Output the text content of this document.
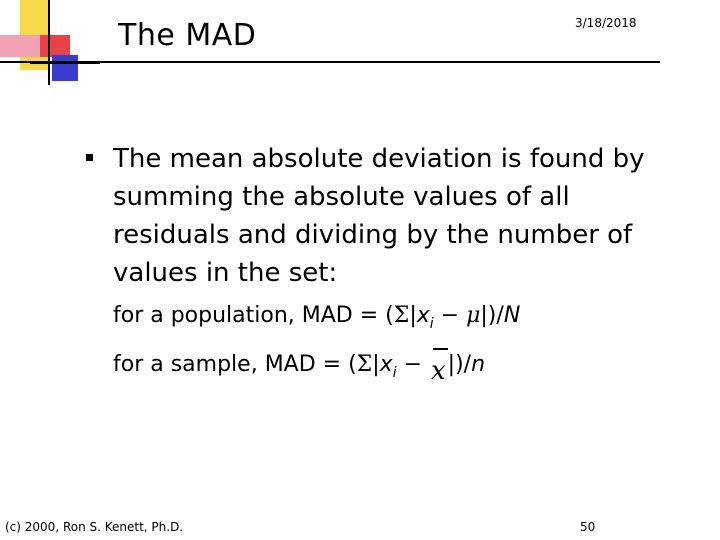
The MAD	3/18/2018
The mean absolute deviation is found by summing the absolute values of all residuals and dividing by the number of values in the set:
for a population, MAD = $(\Sigma|x_i - \mu|)/N$
for a sample, MAD = $(\Sigma|x_i - x|)/n$
(c) 2000, Ron S. Kenett, Ph.D.	50
